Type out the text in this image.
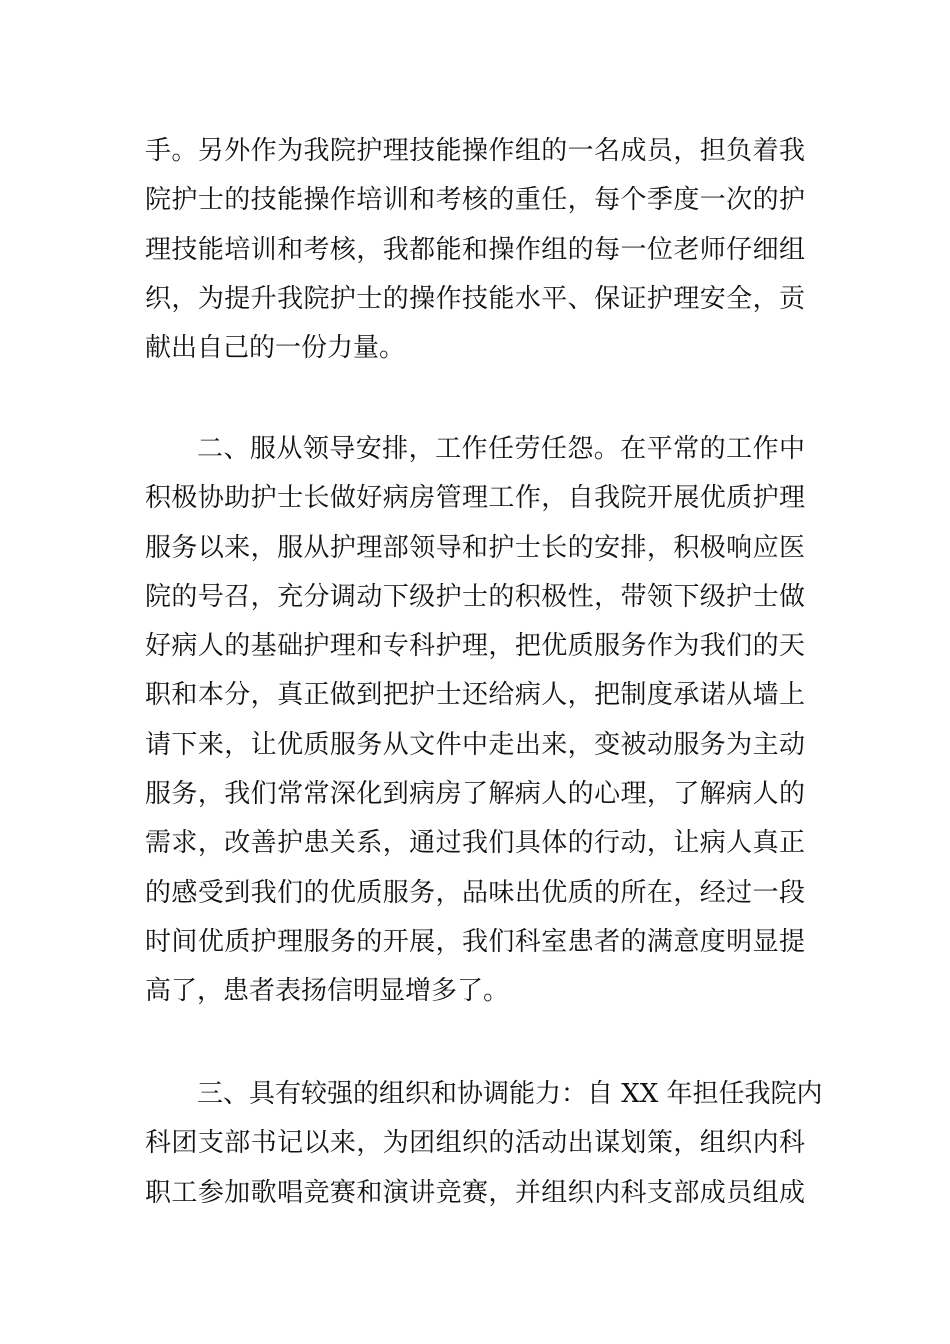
手。另外作为我院护理技能操作组的一名成员，担负着我
院护士的技能操作培训和考核的重任，每个季度一次的护
理技能培训和考核，我都能和操作组的每一位老师仔细组
织，为提升我院护士的操作技能水平、保证护理安全，贡
献出自己的一份力量。
二、服从领导安排，工作任劳任怨。在平常的工作中
积极协助护士长做好病房管理工作，自我院开展优质护理
服务以来，服从护理部领导和护士长的安排，积极响应医
院的号召，充分调动下级护士的积极性，带领下级护士做
好病人的基础护理和专科护理，把优质服务作为我们的天
职和本分，真正做到把护士还给病人，把制度承诺从墙上
请下来，让优质服务从文件中走出来，变被动服务为主动
服务，我们常常深化到病房了解病人的心理，了解病人的
需求，改善护患关系，通过我们具体的行动，让病人真正
的感受到我们的优质服务，品味出优质的所在，经过一段
时间优质护理服务的开展，我们科室患者的满意度明显提
高了，患者表扬信明显增多了。
三、具有较强的组织和协调能力：自 XX 年担任我院内
科团支部书记以来，为团组织的活动出谋划策，组织内科
职工参加歌唱竞赛和演讲竞赛，并组织内科支部成员组成
